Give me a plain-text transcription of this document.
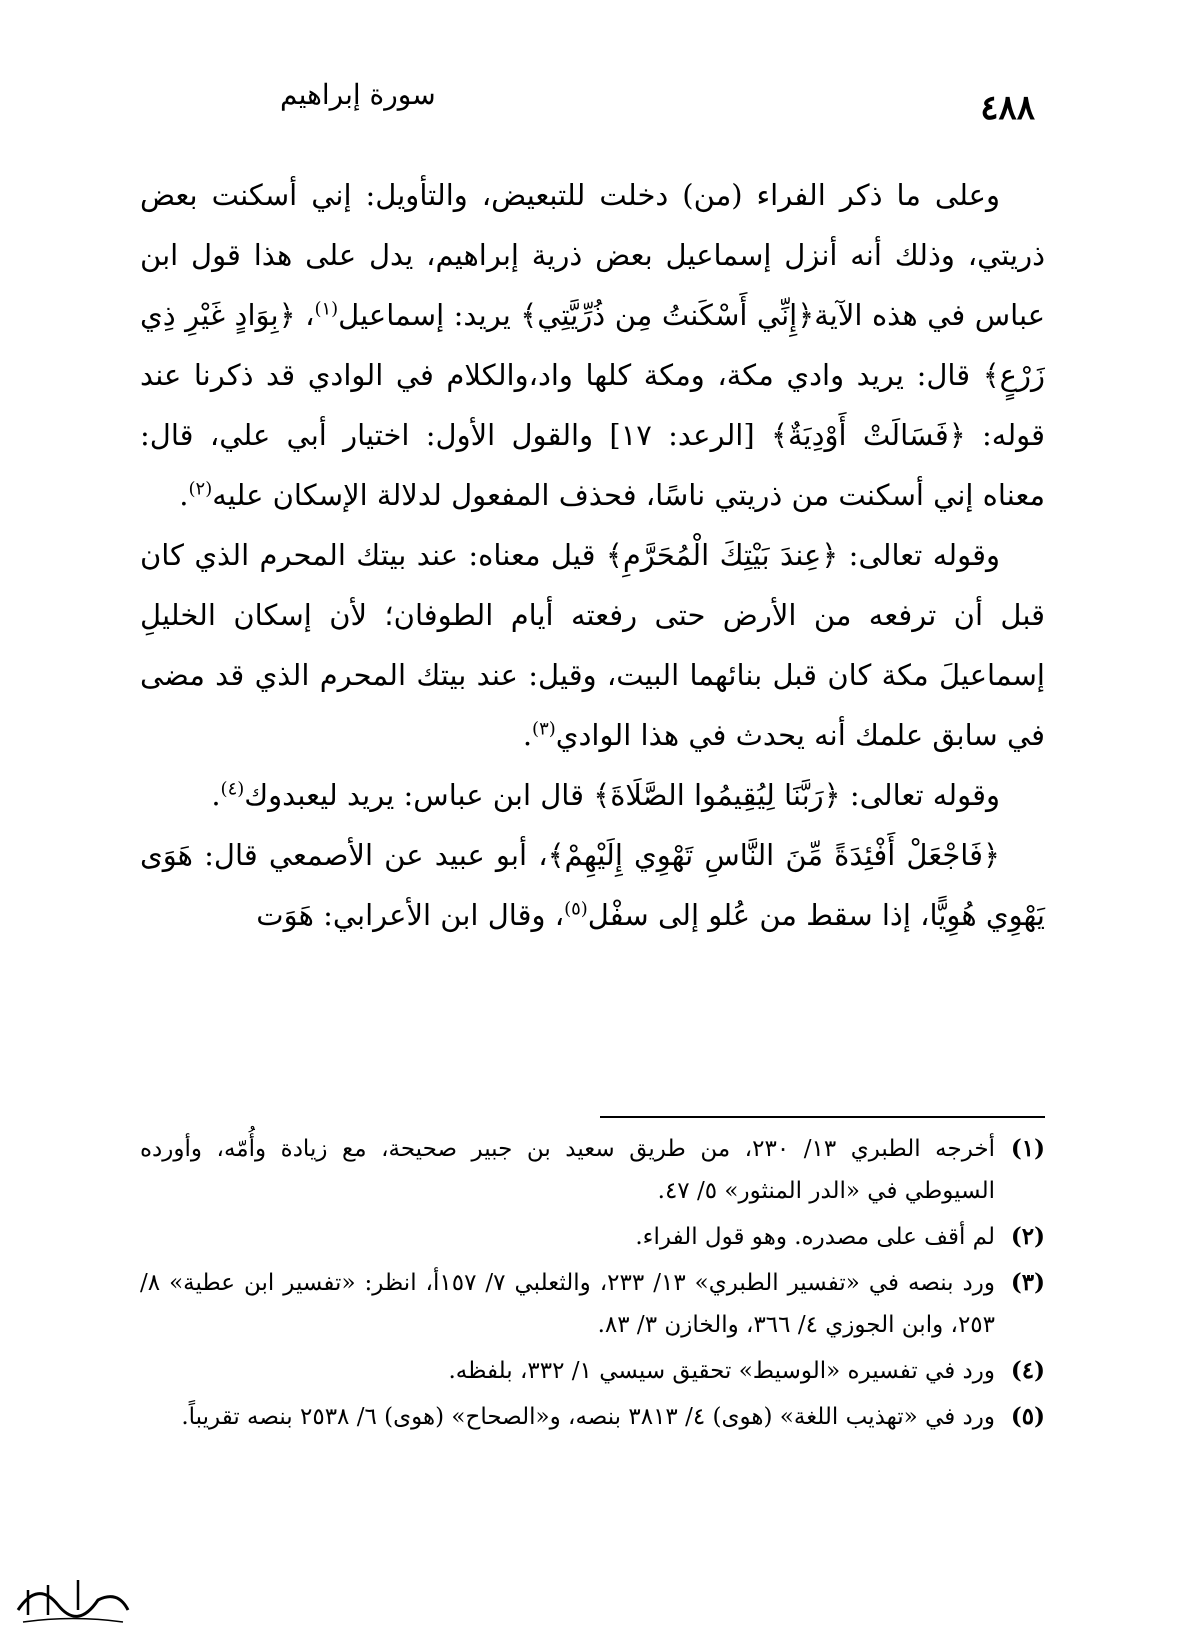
٤٨٨
سورة إبراهيم

وعلى ما ذكر الفراء (من) دخلت للتبعيض، والتأويل: إني أسكنت بعض ذريتي، وذلك أنه أنزل إسماعيل بعض ذرية إبراهيم، يدل على هذا قول ابن عباس في هذه الآية﴿إِنِّي أَسْكَنتُ مِن ذُرِّيَّتِي﴾ يريد: إسماعيل$^{(١)}$، ﴿بِوَادٍ غَيْرِ ذِي زَرْعٍ﴾ قال: يريد وادي مكة، ومكة كلها واد،والكلام في الوادي قد ذكرنا عند قوله: ﴿فَسَالَتْ أَوْدِيَةٌ﴾ [الرعد: ١٧] والقول الأول: اختيار أبي علي، قال: معناه إني أسكنت من ذريتي ناسًا، فحذف المفعول لدلالة الإسكان عليه$^{(٢)}$.

وقوله تعالى: ﴿عِندَ بَيْتِكَ الْمُحَرَّمِ﴾ قيل معناه: عند بيتك المحرم الذي كان قبل أن ترفعه من الأرض حتى رفعته أيام الطوفان؛ لأن إسكان الخليلِ إسماعيلَ مكة كان قبل بنائهما البيت، وقيل: عند بيتك المحرم الذي قد مضى في سابق علمك أنه يحدث في هذا الوادي$^{(٣)}$.

وقوله تعالى: ﴿رَبَّنَا لِيُقِيمُوا الصَّلَاةَ﴾ قال ابن عباس: يريد ليعبدوك$^{(٤)}$.

﴿فَاجْعَلْ أَفْئِدَةً مِّنَ النَّاسِ تَهْوِي إِلَيْهِمْ﴾، أبو عبيد عن الأصمعي قال: هَوَى يَهْوِي هُوِيًّا، إذا سقط من عُلو إلى سفْل$^{(٥)}$، وقال ابن الأعرابي: هَوَت

(١)
أخرجه الطبري ١٣/ ٢٣٠، من طريق سعيد بن جبير صحيحة، مع زيادة وأُمّه، وأورده السيوطي في «الدر المنثور» ٥/ ٤٧.
(٢)
لم أقف على مصدره. وهو قول الفراء.
(٣)
ورد بنصه في «تفسير الطبري» ١٣/ ٢٣٣، والثعلبي ٧/ ١٥٧أ، انظر: «تفسير ابن عطية» ٨/ ٢٥٣، وابن الجوزي ٤/ ٣٦٦، والخازن ٣/ ٨٣.
(٤)
ورد في تفسيره «الوسيط» تحقيق سيسي ١/ ٣٣٢، بلفظه.
(٥)
ورد في «تهذيب اللغة» (هوى) ٤/ ٣٨١٣ بنصه، و«الصحاح» (هوى) ٦/ ٢٥٣٨ بنصه تقريباً.
